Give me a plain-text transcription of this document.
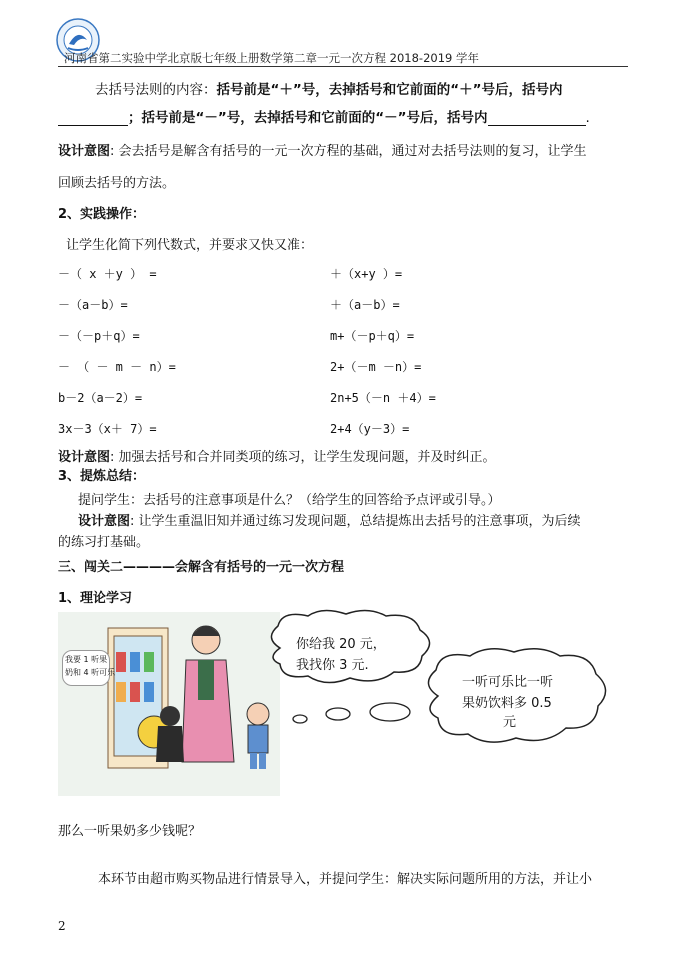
河南省第二实验中学北京版七年级上册数学第二章一元一次方程 2018-2019 学年
去括号法则的内容：括号前是“＋”号，去掉括号和它前面的“＋”号后，括号内
；括号前是“－”号，去掉括号和它前面的“－”号后，括号内	.
设计意图: 会去括号是解含有括号的一元一次方程的基础，通过对去括号法则的复习，让学生
回顾去括号的方法。
2、实践操作：
让学生化简下列代数式，并要求又快又准：
－（ x ＋y ） =
－（a－b）=
－（－p＋q）=
－ （ － m － n）=
b－2（a－2）=
3x－3（x＋ 7）=
＋（x+y ）=
＋（a－b）=
m+（－p＋q）=
2+（－m －n）=
2n+5（－n ＋4）=
2+4（y－3）=
设计意图: 加强去括号和合并同类项的练习，让学生发现问题，并及时纠正。
3、提炼总结：
提问学生：去括号的注意事项是什么？（给学生的回答给予点评或引导。）
设计意图: 让学生重温旧知并通过练习发现问题，总结提炼出去括号的注意事项，为后续
的练习打基础。
三、闯关二————会解含有括号的一元一次方程
1、理论学习
我要 1 听果
奶和 4 听可乐
你给我 20 元，
我找你 3 元.
一听可乐比一听
果奶饮料多 0.5
元
那么一听果奶多少钱呢？
本环节由超市购买物品进行情景导入，并提问学生：解决实际问题所用的方法，并让小
2
